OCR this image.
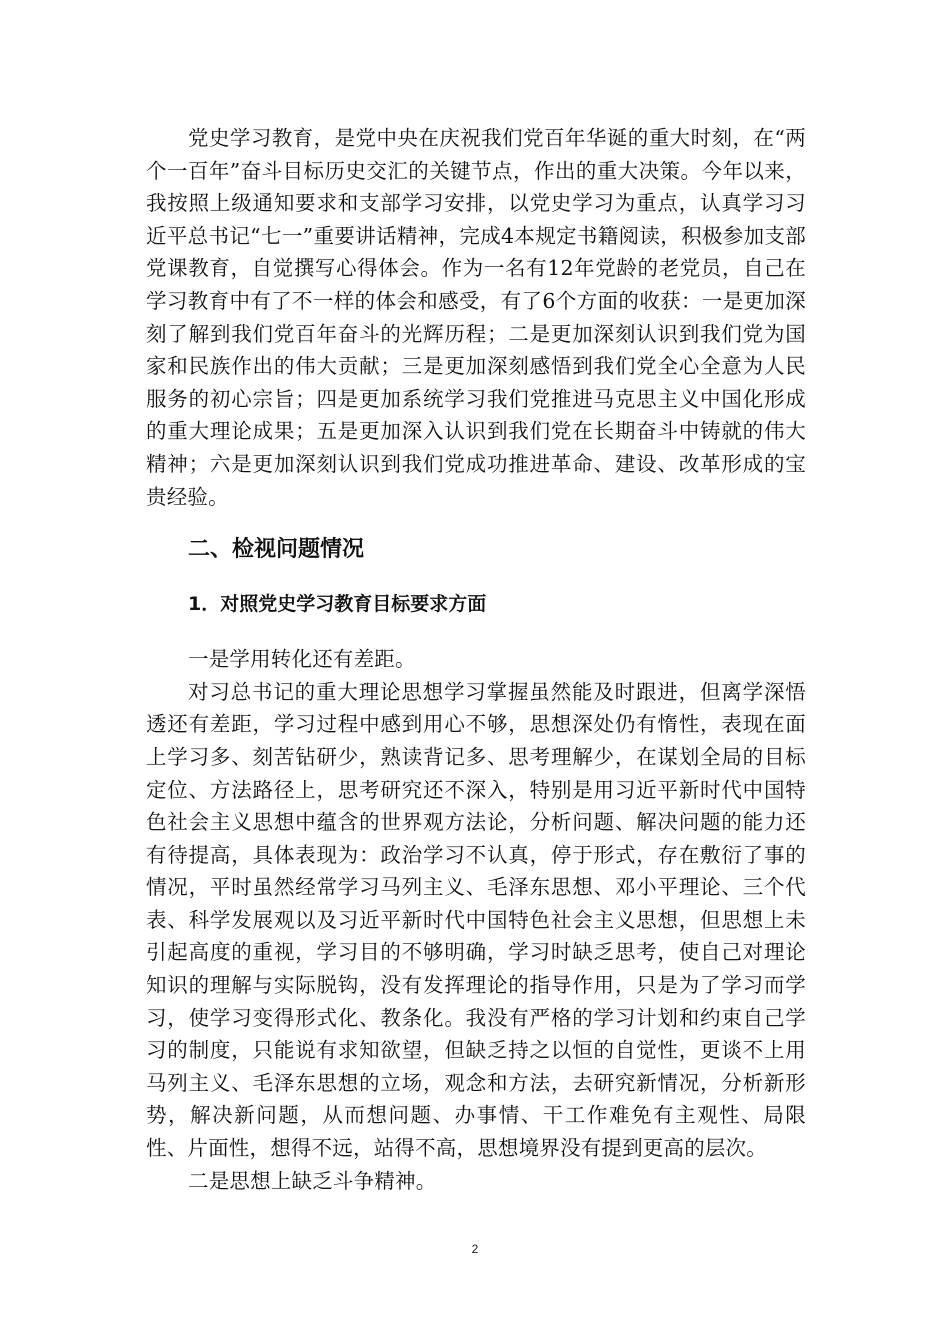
党史学习教育，是党中央在庆祝我们党百年华诞的重大时刻，在“两个一百年”奋斗目标历史交汇的关键节点，作出的重大决策。今年以来，我按照上级通知要求和支部学习安排，以党史学习为重点，认真学习习近平总书记“七一”重要讲话精神，完成4本规定书籍阅读，积极参加支部党课教育，自觉撰写心得体会。作为一名有12年党龄的老党员，自己在学习教育中有了不一样的体会和感受，有了6个方面的收获：一是更加深刻了解到我们党百年奋斗的光辉历程；二是更加深刻认识到我们党为国家和民族作出的伟大贡献；三是更加深刻感悟到我们党全心全意为人民服务的初心宗旨；四是更加系统学习我们党推进马克思主义中国化形成的重大理论成果；五是更加深入认识到我们党在长期奋斗中铸就的伟大精神；六是更加深刻认识到我们党成功推进革命、建设、改革形成的宝贵经验。

二、检视问题情况
1．对照党史学习教育目标要求方面

一是学用转化还有差距。

对习总书记的重大理论思想学习掌握虽然能及时跟进，但离学深悟透还有差距，学习过程中感到用心不够，思想深处仍有惰性，表现在面上学习多、刻苦钻研少，熟读背记多、思考理解少，在谋划全局的目标定位、方法路径上，思考研究还不深入，特别是用习近平新时代中国特色社会主义思想中蕴含的世界观方法论，分析问题、解决问题的能力还有待提高，具体表现为：政治学习不认真，停于形式，存在敷衍了事的情况，平时虽然经常学习马列主义、毛泽东思想、邓小平理论、三个代表、科学发展观以及习近平新时代中国特色社会主义思想，但思想上未引起高度的重视，学习目的不够明确，学习时缺乏思考，使自己对理论知识的理解与实际脱钩，没有发挥理论的指导作用，只是为了学习而学习，使学习变得形式化、教条化。我没有严格的学习计划和约束自己学习的制度，只能说有求知欲望，但缺乏持之以恒的自觉性，更谈不上用马列主义、毛泽东思想的立场，观念和方法，去研究新情况，分析新形势，解决新问题，从而想问题、办事情、干工作难免有主观性、局限性、片面性，想得不远，站得不高，思想境界没有提到更高的层次。

二是思想上缺乏斗争精神。

2
